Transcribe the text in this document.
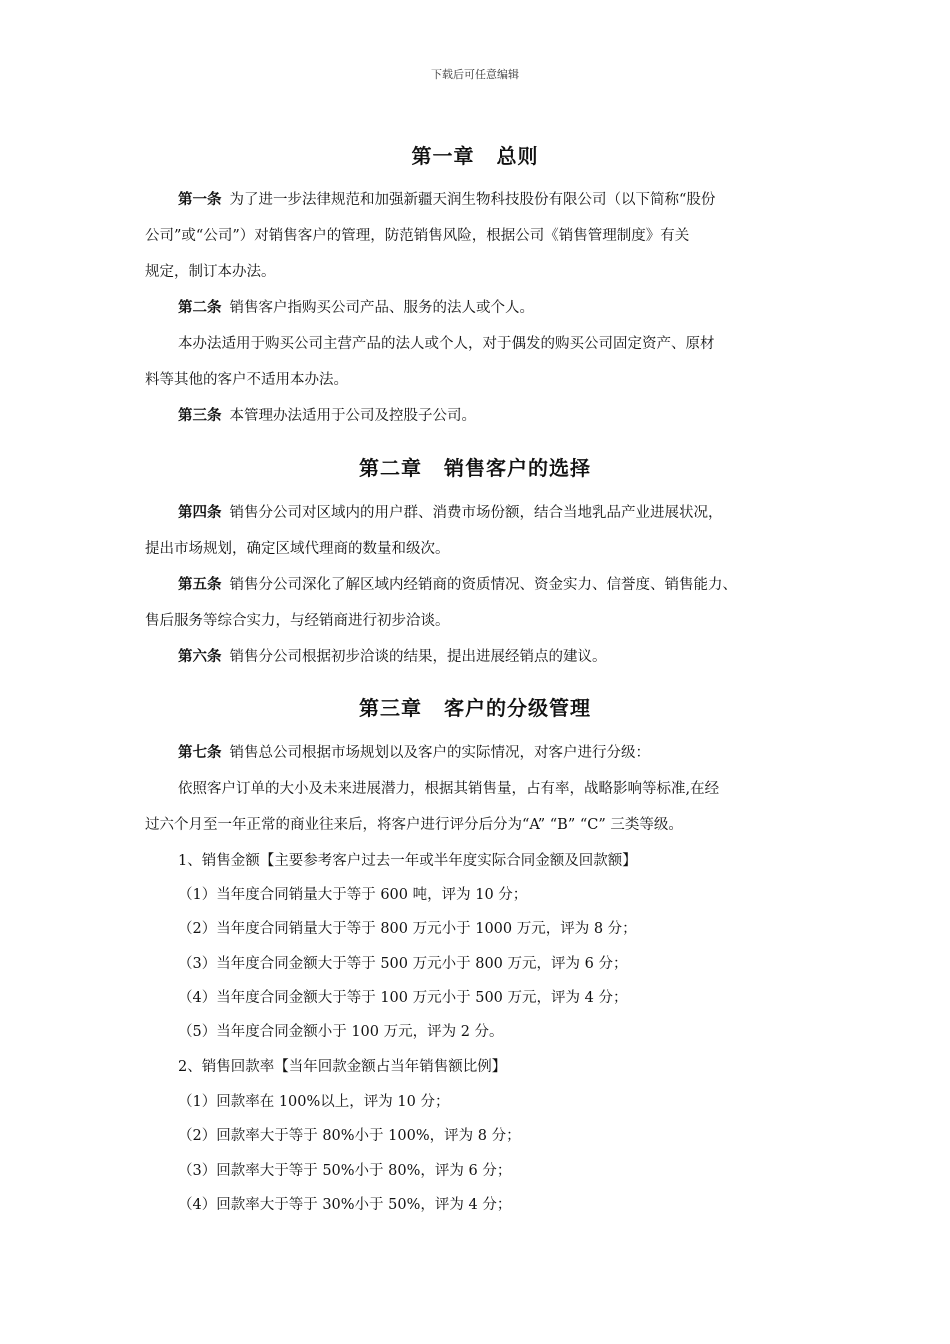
下载后可任意编辑
第一章 总则
第一条 为了进一步法律规范和加强新疆天润生物科技股份有限公司（以下简称“股份
公司”或“公司”）对销售客户的管理，防范销售风险，根据公司《销售管理制度》有关
规定，制订本办法。
第二条 销售客户指购买公司产品、服务的法人或个人。
本办法适用于购买公司主营产品的法人或个人，对于偶发的购买公司固定资产、原材
料等其他的客户不适用本办法。
第三条 本管理办法适用于公司及控股子公司。
第二章 销售客户的选择
第四条 销售分公司对区域内的用户群、消费市场份额，结合当地乳品产业进展状况，
提出市场规划，确定区域代理商的数量和级次。
第五条 销售分公司深化了解区域内经销商的资质情况、资金实力、信誉度、销售能力、
售后服务等综合实力，与经销商进行初步洽谈。
第六条 销售分公司根据初步洽谈的结果，提出进展经销点的建议。
第三章 客户的分级管理
第七条 销售总公司根据市场规划以及客户的实际情况，对客户进行分级：
依照客户订单的大小及未来进展潜力，根据其销售量，占有率，战略影响等标准,在经
过六个月至一年正常的商业往来后，将客户进行评分后分为“A” “B” “C” 三类等级。
1、销售金额【主要参考客户过去一年或半年度实际合同金额及回款额】
（1）当年度合同销量大于等于 600 吨，评为 10 分；
（2）当年度合同销量大于等于 800 万元小于 1000 万元，评为 8 分；
（3）当年度合同金额大于等于 500 万元小于 800 万元，评为 6 分；
（4）当年度合同金额大于等于 100 万元小于 500 万元，评为 4 分；
（5）当年度合同金额小于 100 万元，评为 2 分。
2、销售回款率【当年回款金额占当年销售额比例】
（1）回款率在 100%以上，评为 10 分；
（2）回款率大于等于 80%小于 100%，评为 8 分；
（3）回款率大于等于 50%小于 80%，评为 6 分；
（4）回款率大于等于 30%小于 50%，评为 4 分；
